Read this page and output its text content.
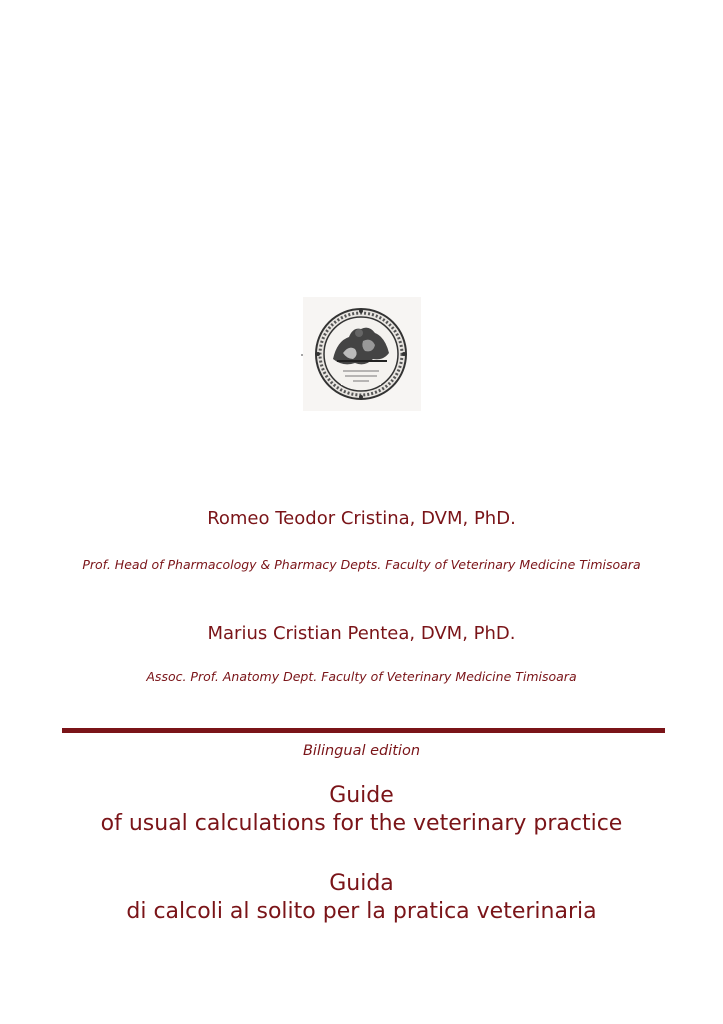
Romeo Teodor Cristina, DVM, PhD.
Prof. Head of Pharmacology & Pharmacy Depts. Faculty of Veterinary Medicine Timisoara
Marius Cristian Pentea, DVM, PhD.
Assoc. Prof. Anatomy Dept. Faculty of Veterinary Medicine Timisoara
Bilingual edition
Guide
of usual calculations for the veterinary practice
Guida
di calcoli al solito per la pratica veterinaria
